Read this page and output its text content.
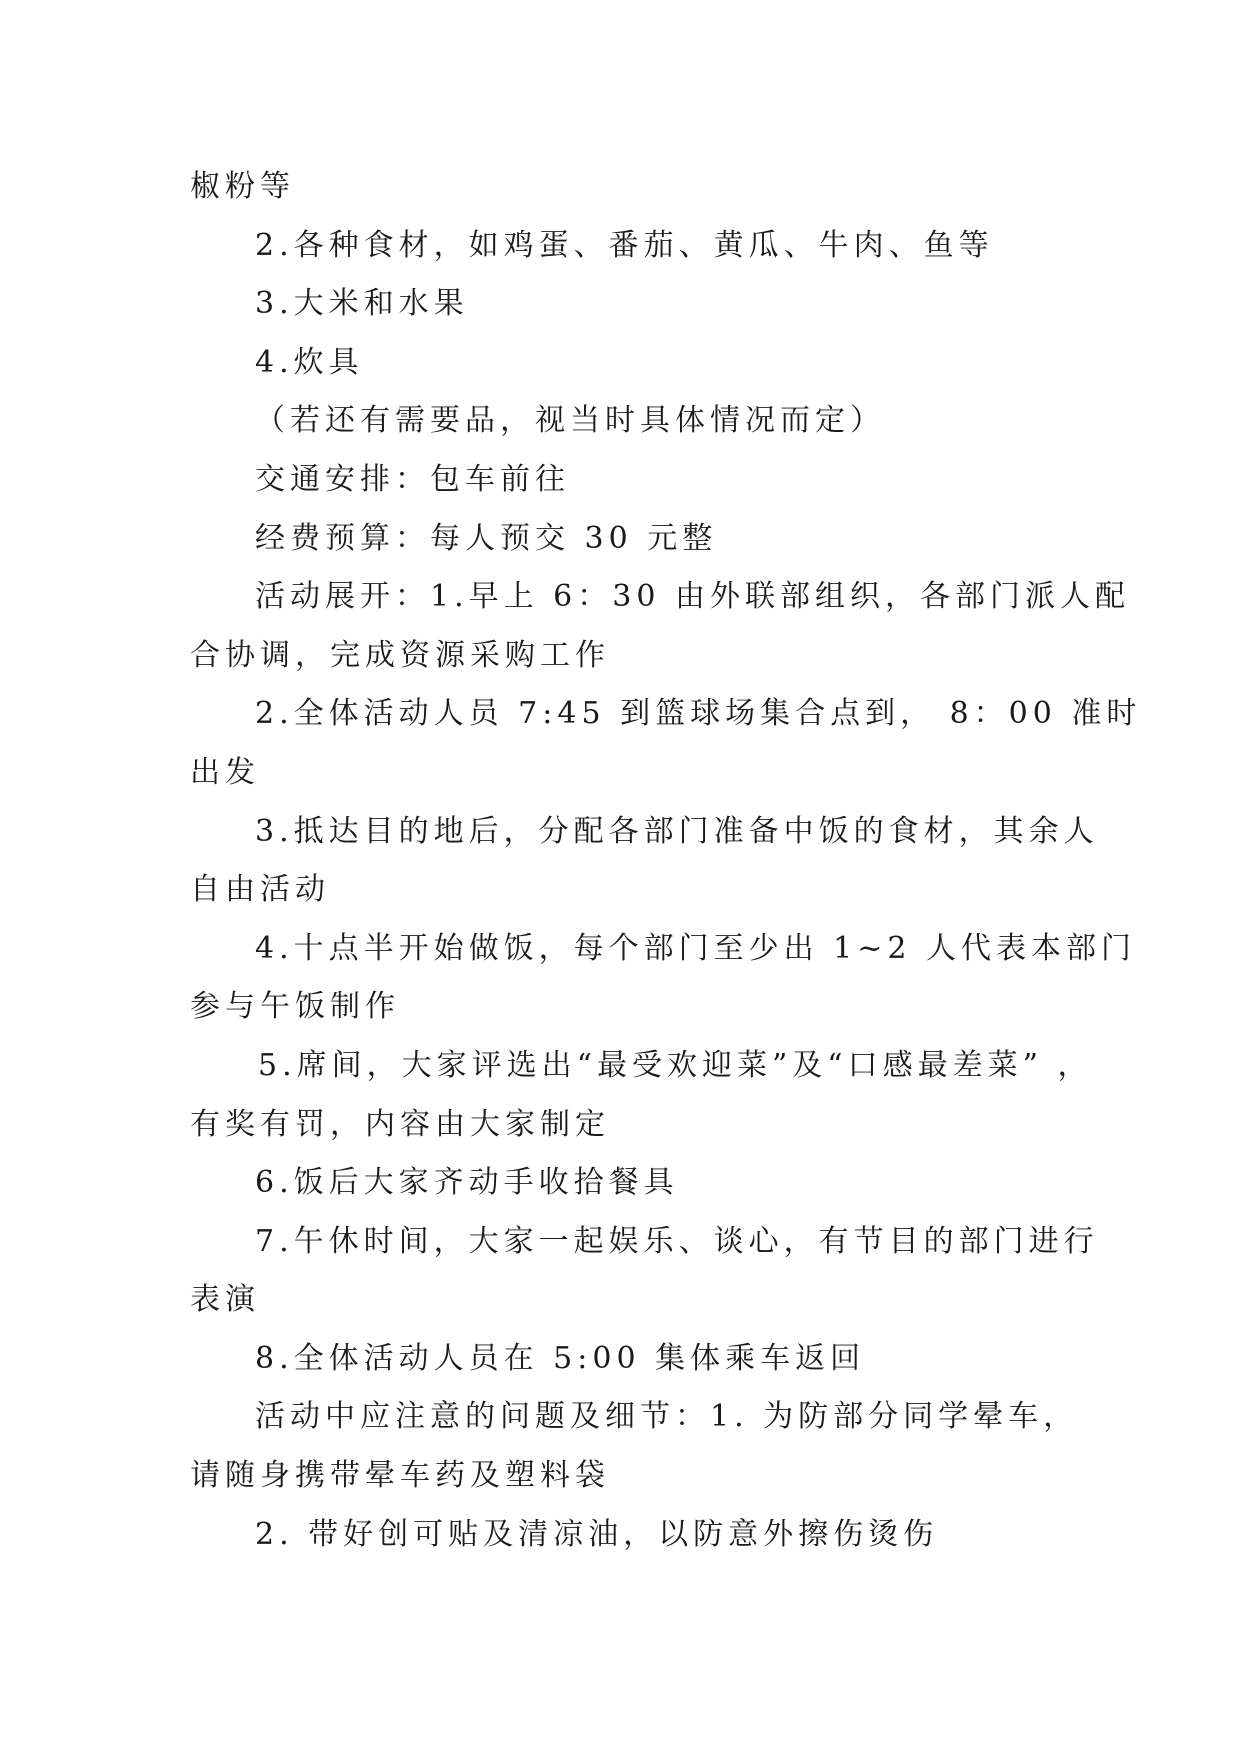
椒粉等
2.各种食材，如鸡蛋、番茄、黄瓜、牛肉、鱼等
3.大米和水果
4.炊具
（若还有需要品，视当时具体情况而定）
交通安排：包车前往
经费预算：每人预交 30 元整
活动展开：1.早上 6：30 由外联部组织，各部门派人配
合协调，完成资源采购工作
2.全体活动人员 7:45 到篮球场集合点到， 8：00 准时
出发
3.抵达目的地后，分配各部门准备中饭的食材，其余人
自由活动
4.十点半开始做饭，每个部门至少出 1~2 人代表本部门
参与午饭制作
5.席间，大家评选出“最受欢迎菜”及“口感最差菜” ，
有奖有罚，内容由大家制定
6.饭后大家齐动手收拾餐具
7.午休时间，大家一起娱乐、谈心，有节目的部门进行
表演
8.全体活动人员在 5:00 集体乘车返回
活动中应注意的问题及细节：1. 为防部分同学晕车，
请随身携带晕车药及塑料袋
2. 带好创可贴及清凉油，以防意外擦伤烫伤
